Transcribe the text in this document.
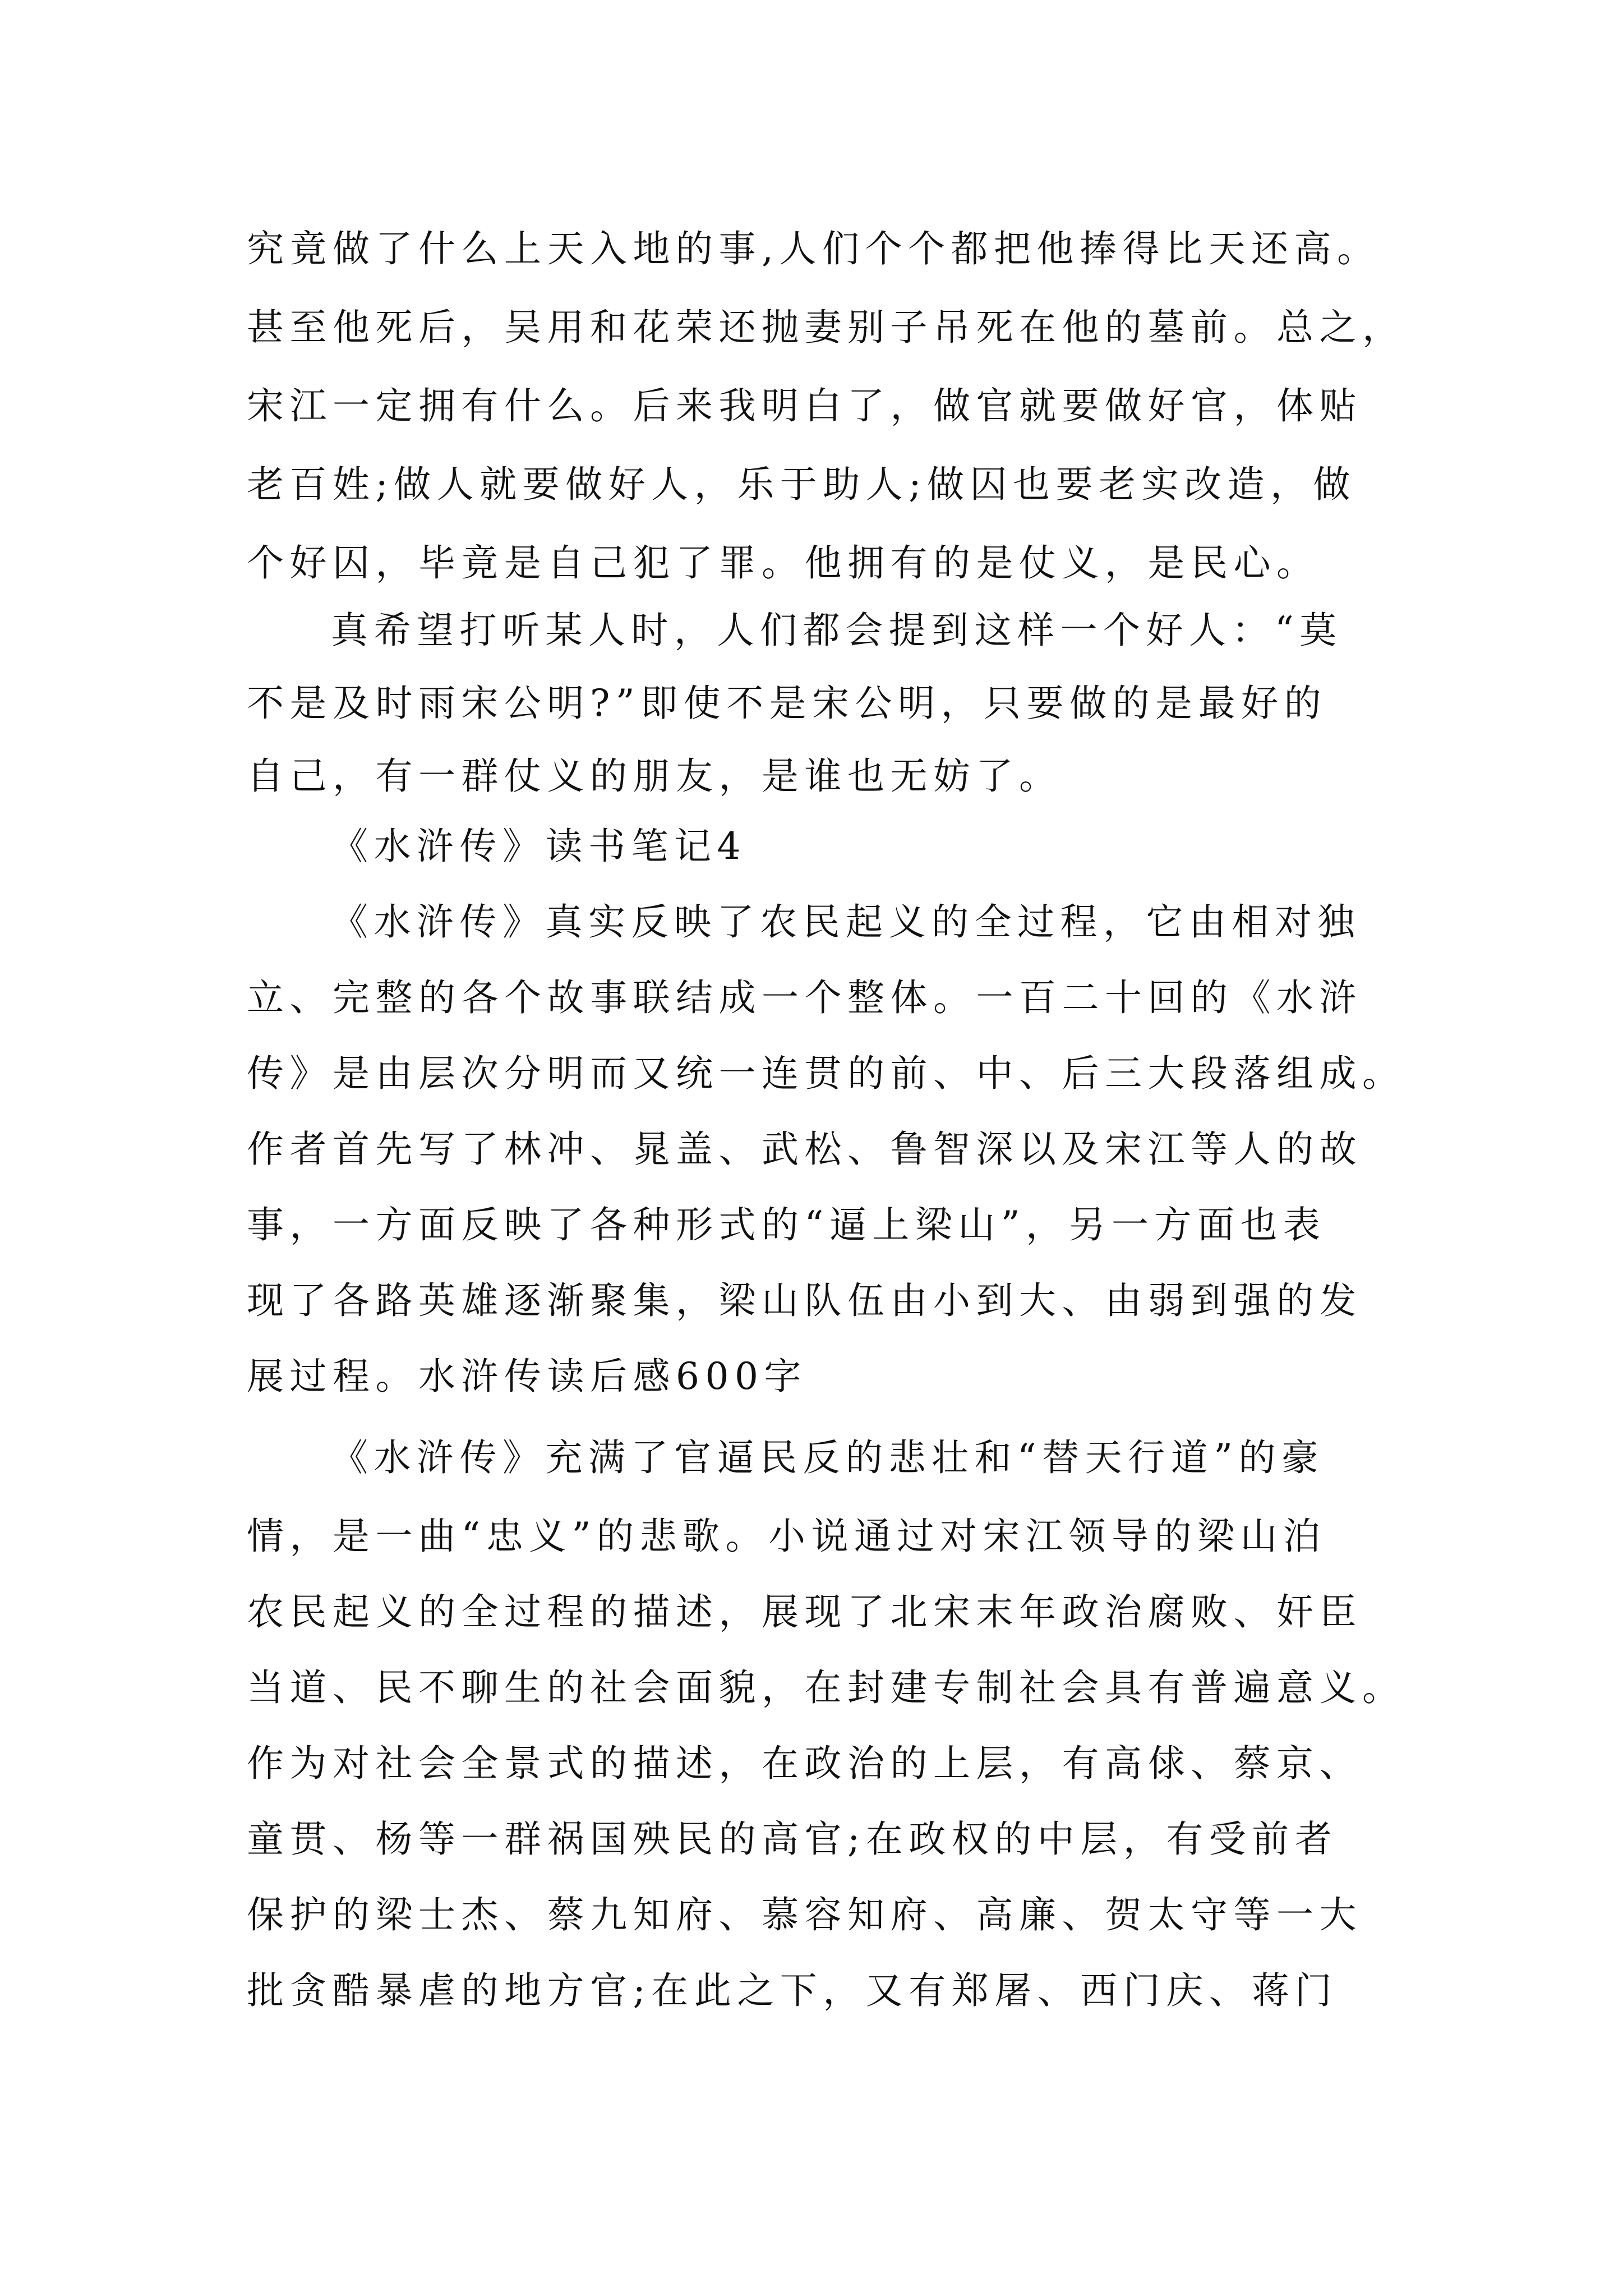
究竟做了什么上天入地的事,人们个个都把他捧得比天还高。
甚至他死后，吴用和花荣还抛妻别子吊死在他的墓前。总之，
宋江一定拥有什么。后来我明白了，做官就要做好官，体贴
老百姓;做人就要做好人，乐于助人;做囚也要老实改造，做
个好囚，毕竟是自己犯了罪。他拥有的是仗义，是民心。
真希望打听某人时，人们都会提到这样一个好人：“莫
不是及时雨宋公明?”即使不是宋公明，只要做的是最好的
自己，有一群仗义的朋友，是谁也无妨了。
《水浒传》读书笔记4
《水浒传》真实反映了农民起义的全过程，它由相对独
立、完整的各个故事联结成一个整体。一百二十回的《水浒
传》是由层次分明而又统一连贯的前、中、后三大段落组成。
作者首先写了林冲、晁盖、武松、鲁智深以及宋江等人的故
事，一方面反映了各种形式的“逼上梁山”，另一方面也表
现了各路英雄逐渐聚集，梁山队伍由小到大、由弱到强的发
展过程。水浒传读后感600字
《水浒传》充满了官逼民反的悲壮和“替天行道”的豪
情，是一曲“忠义”的悲歌。小说通过对宋江领导的梁山泊
农民起义的全过程的描述，展现了北宋末年政治腐败、奸臣
当道、民不聊生的社会面貌，在封建专制社会具有普遍意义。
作为对社会全景式的描述，在政治的上层，有高俅、蔡京、
童贯、杨等一群祸国殃民的高官;在政权的中层，有受前者
保护的梁士杰、蔡九知府、慕容知府、高廉、贺太守等一大
批贪酷暴虐的地方官;在此之下，又有郑屠、西门庆、蒋门
